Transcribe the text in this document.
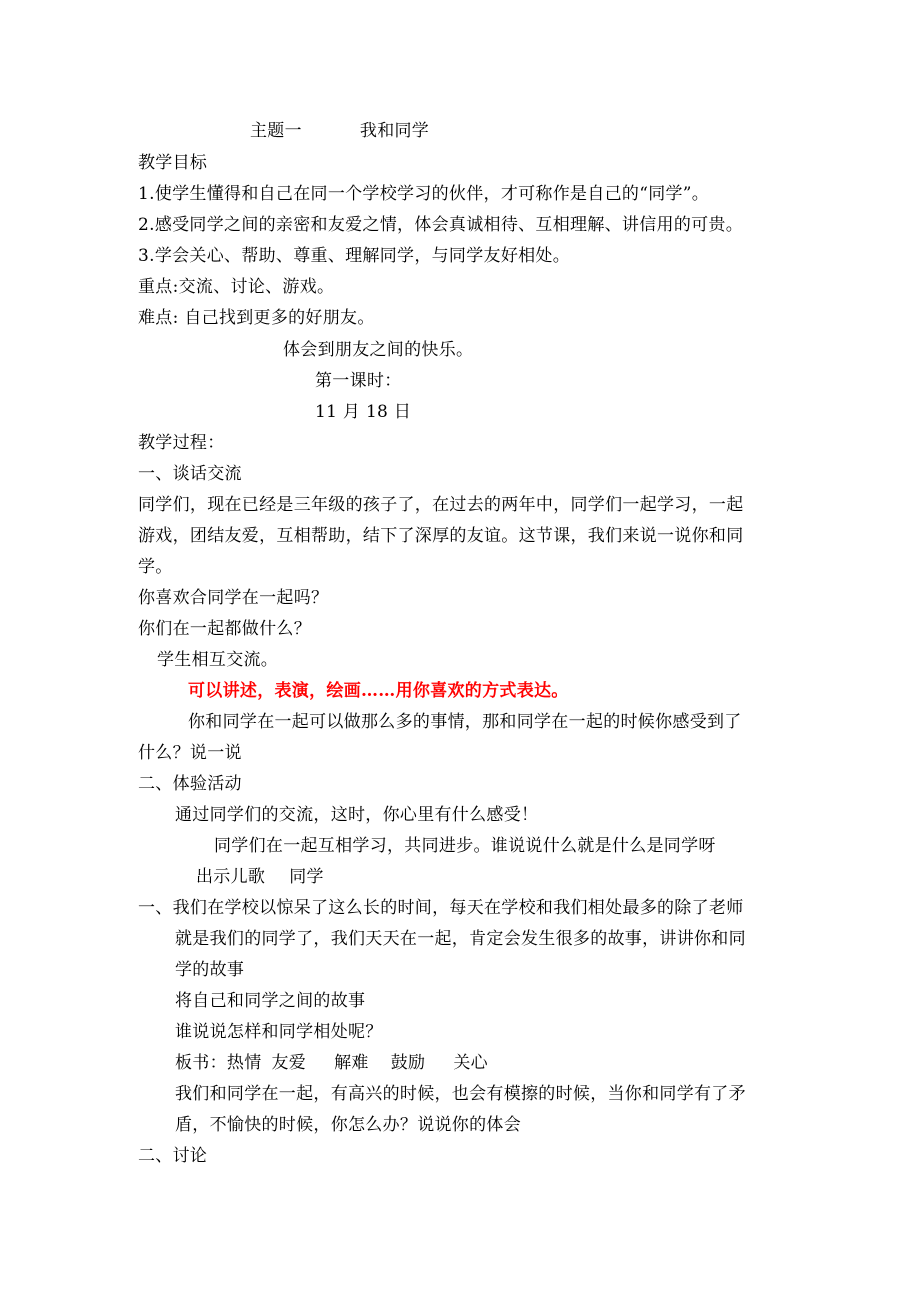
主题一	我和同学
教学目标
1.使学生懂得和自己在同一个学校学习的伙伴，才可称作是自己的“同学”。
2.感受同学之间的亲密和友爱之情，体会真诚相待、互相理解、讲信用的可贵。
3.学会关心、帮助、尊重、理解同学，与同学友好相处。
重点:交流、讨论、游戏。
难点: 自己找到更多的好朋友。
体会到朋友之间的快乐。
第一课时：
11 月 18 日
教学过程：
一、谈话交流
同学们，现在已经是三年级的孩子了，在过去的两年中，同学们一起学习，一起
游戏，团结友爱，互相帮助，结下了深厚的友谊。这节课，我们来说一说你和同
学。
你喜欢合同学在一起吗？
你们在一起都做什么？
学生相互交流。
可以讲述，表演，绘画……用你喜欢的方式表达。
你和同学在一起可以做那么多的事情，那和同学在一起的时候你感受到了
什么？说一说
二、体验活动
通过同学们的交流，这时，你心里有什么感受！
同学们在一起互相学习，共同进步。谁说说什么就是什么是同学呀
出示儿歌 同学
一、我们在学校以惊呆了这么长的时间，每天在学校和我们相处最多的除了老师
就是我们的同学了，我们天天在一起，肯定会发生很多的故事，讲讲你和同
学的故事
将自己和同学之间的故事
谁说说怎样和同学相处呢？
板书：热情 友爱 解难 鼓励 关心
我们和同学在一起，有高兴的时候，也会有模擦的时候，当你和同学有了矛
盾，不愉快的时候，你怎么办？说说你的体会
二、讨论
